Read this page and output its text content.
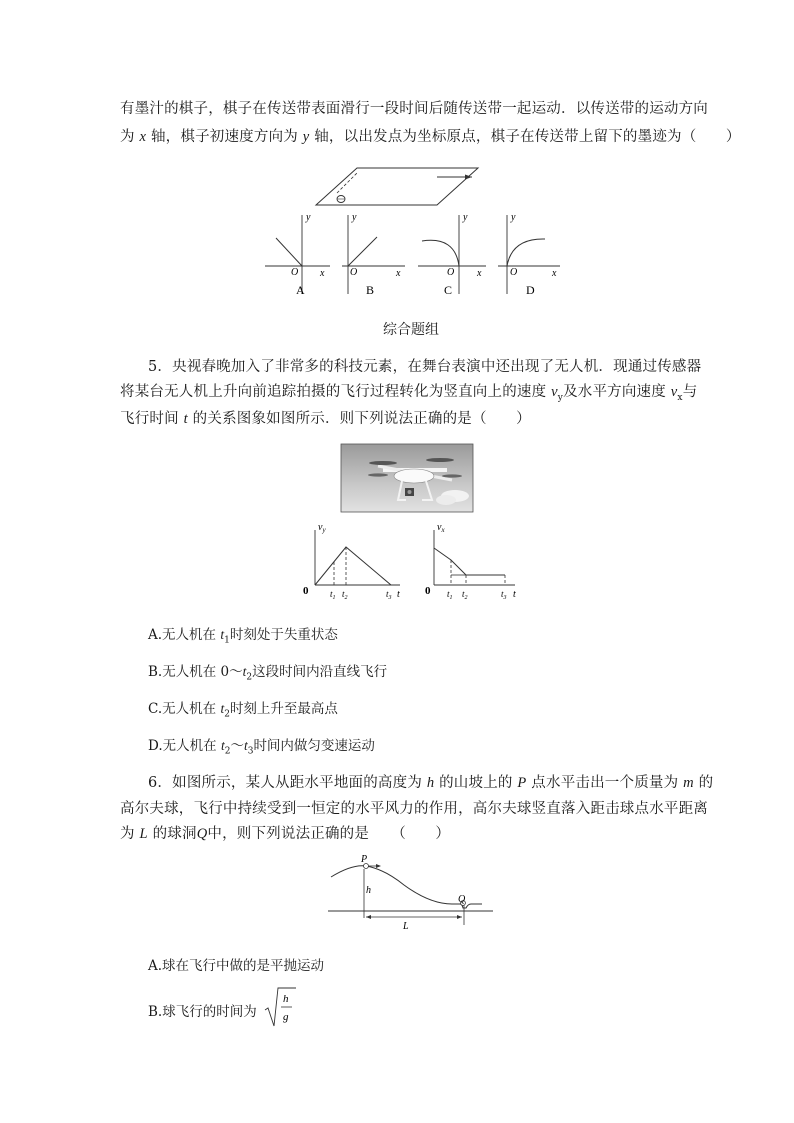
有墨汁的棋子，棋子在传送带表面滑行一段时间后随传送带一起运动．以传送带的运动方向
为 x 轴，棋子初速度方向为 y 轴，以出发点为坐标原点，棋子在传送带上留下的墨迹为（　　）
O
y
x
A
O
y
x
B
O
y
x
C
O
y
x
D
综合题组
5．央视春晚加入了非常多的科技元素，在舞台表演中还出现了无人机．现通过传感器
将某台无人机上升向前追踪拍摄的飞行过程转化为竖直向上的速度 $v_y$及水平方向速度 $v_x$与
飞行时间 t 的关系图象如图所示．则下列说法正确的是（　　）
$v_y$
0 $t_1$ $t_2$	$t_3$ t
$v_x$
0 $t_1$ $t_2$	$t_3$ t
A.无人机在 $t_1$时刻处于失重状态
B.无人机在 $0\sim t_2$这段时间内沿直线飞行
C.无人机在 $t_2$时刻上升至最高点
D.无人机在 $t_2\sim t_3$时间内做匀变速运动
6．如图所示，某人从距水平地面的高度为 h 的山坡上的 P 点水平击出一个质量为 m 的
高尔夫球，飞行中持续受到一恒定的水平风力的作用，高尔夫球竖直落入距击球点水平距离
为 L 的球洞Q中，则下列说法正确的是　　（　　）
P
h
Q
L
A.球在飞行中做的是平抛运动
B.球飞行的时间为
h
g
